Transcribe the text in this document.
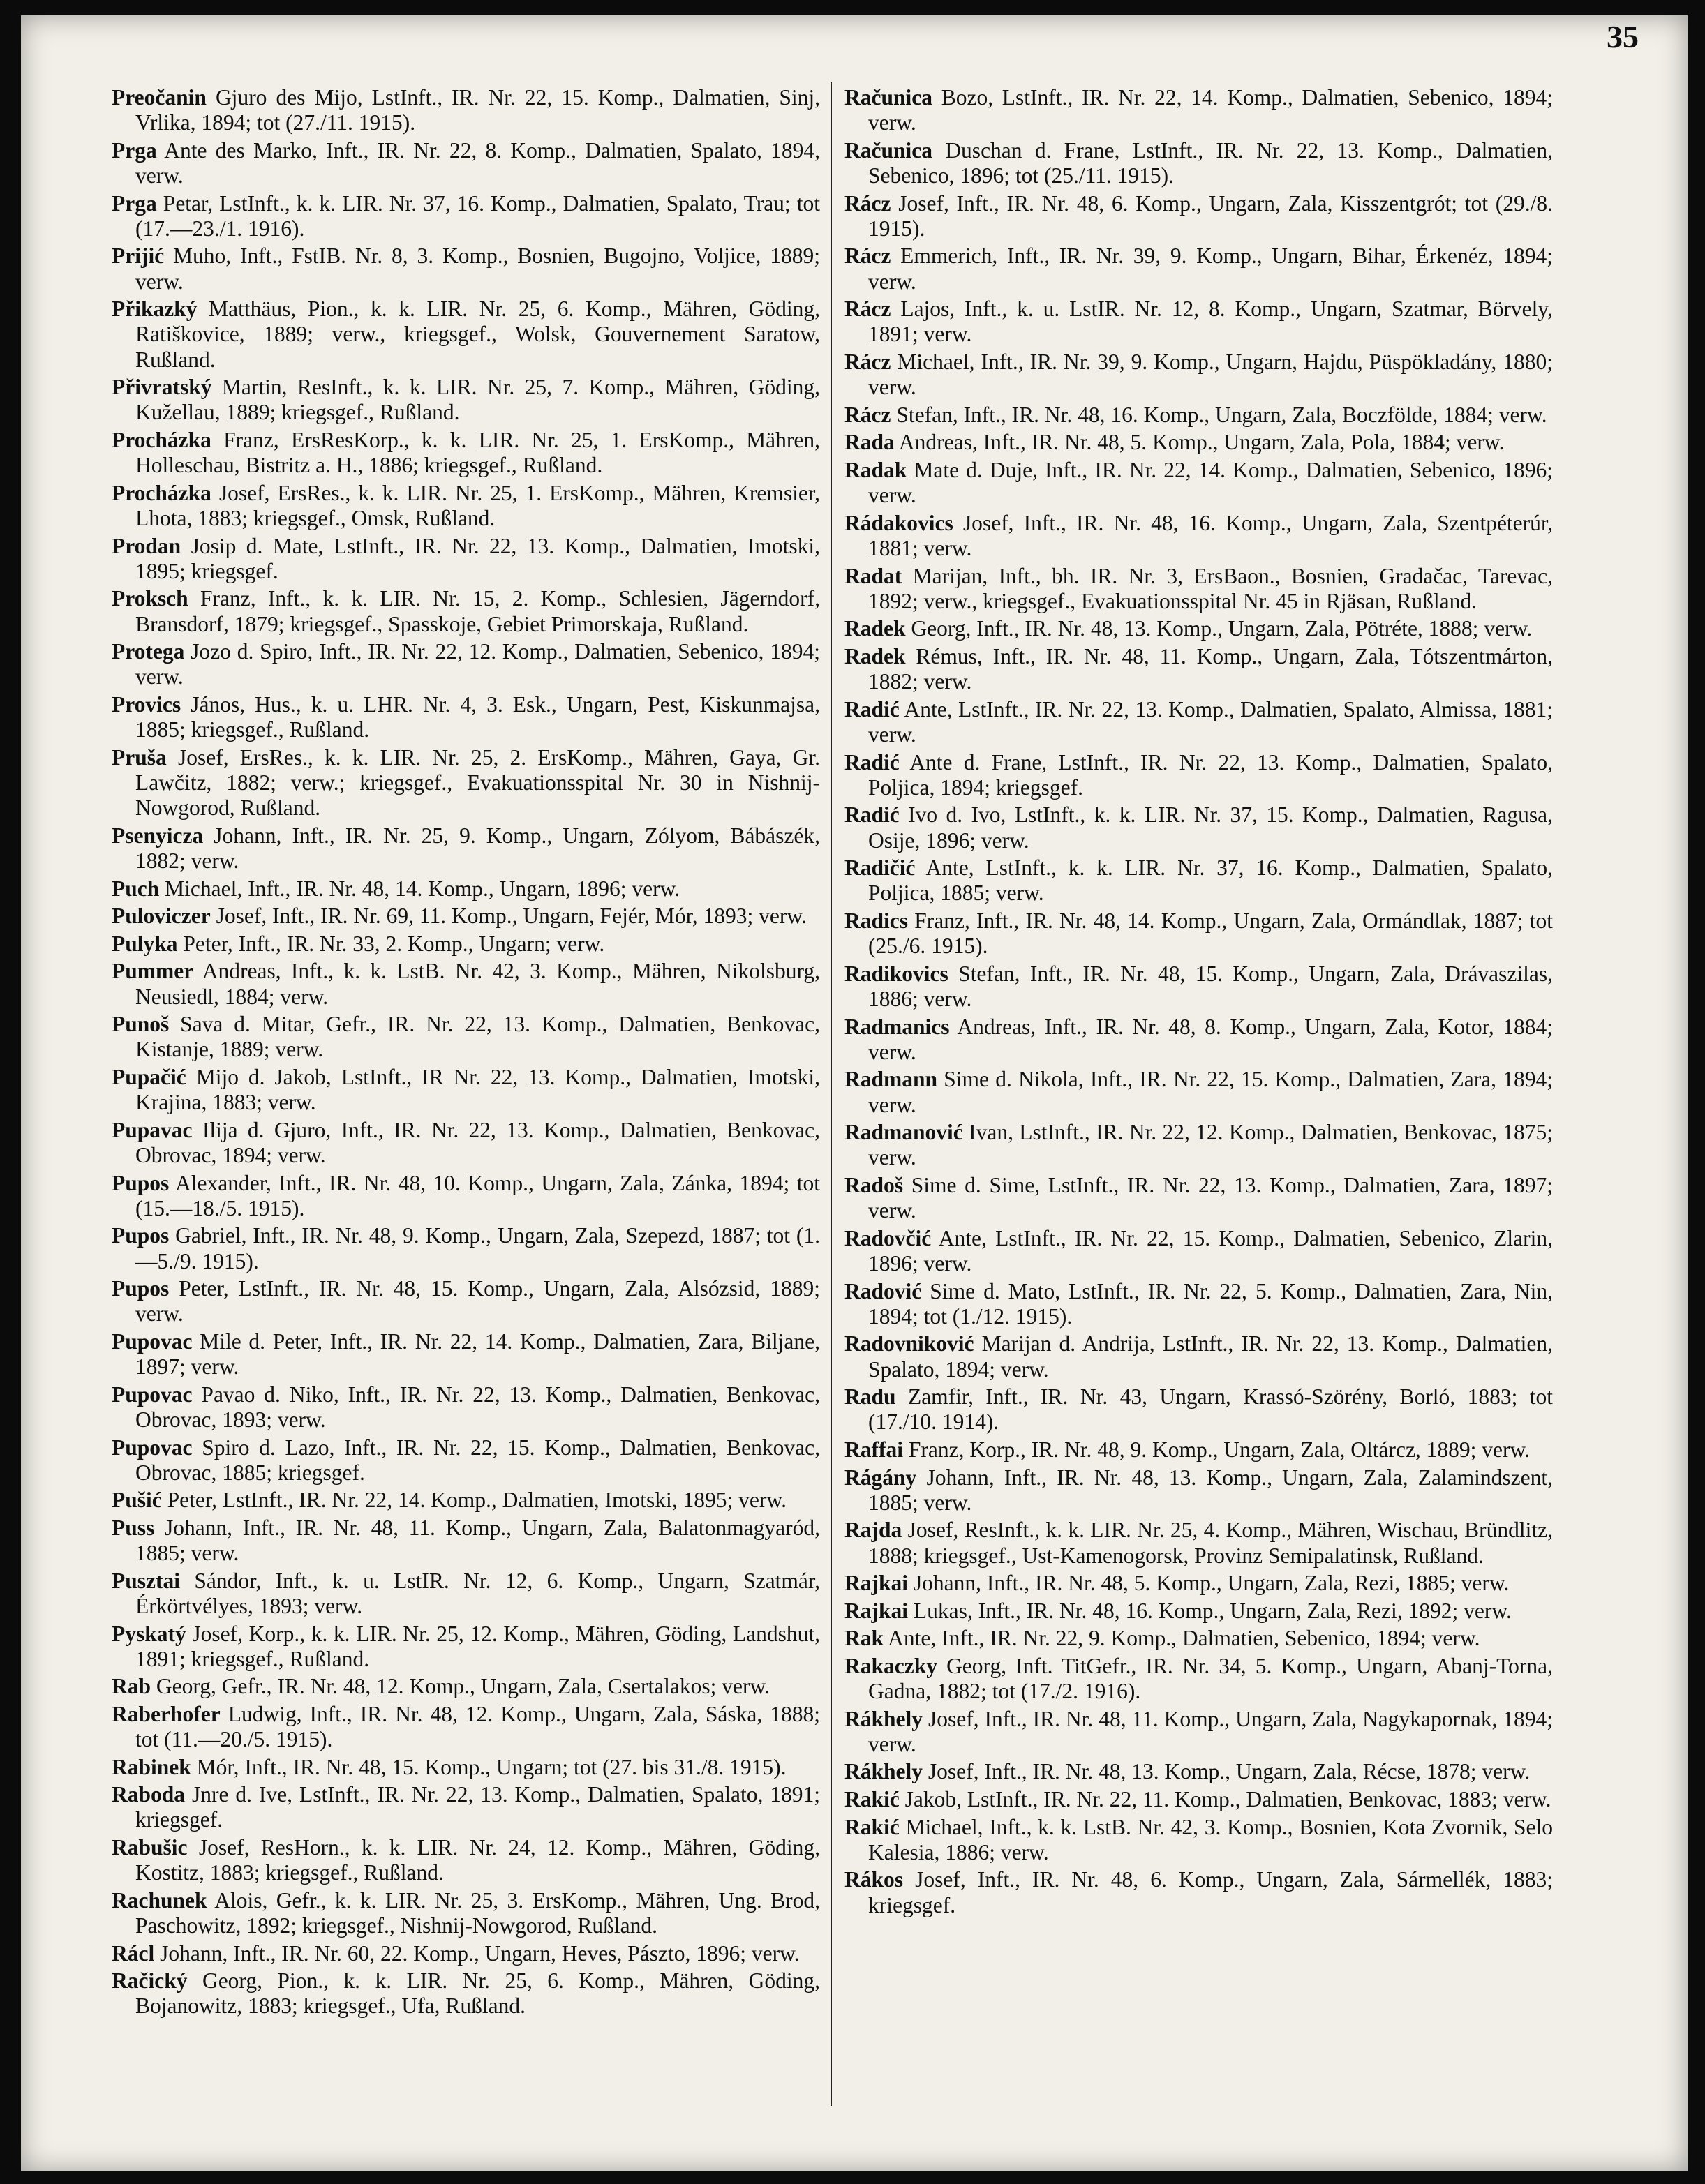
35
Preočanin Gjuro des Mijo, LstInft., IR. Nr. 22, 15. Komp., Dalmatien, Sinj, Vrlika, 1894; tot (27./11. 1915).
Prga Ante des Marko, Inft., IR. Nr. 22, 8. Komp., Dalmatien, Spalato, 1894, verw.
Prga Petar, LstInft., k. k. LIR. Nr. 37, 16. Komp., Dalmatien, Spalato, Trau; tot (17.—23./1. 1916).
Prijić Muho, Inft., FstIB. Nr. 8, 3. Komp., Bosnien, Bugojno, Voljice, 1889; verw.
Přikazký Matthäus, Pion., k. k. LIR. Nr. 25, 6. Komp., Mähren, Göding, Ratiškovice, 1889; verw., kriegsgef., Wolsk, Gouvernement Saratow, Rußland.
Přivratský Martin, ResInft., k. k. LIR. Nr. 25, 7. Komp., Mähren, Göding, Kužellau, 1889; kriegsgef., Rußland.
Procházka Franz, ErsResKorp., k. k. LIR. Nr. 25, 1. ErsKomp., Mähren, Holleschau, Bistritz a. H., 1886; kriegsgef., Rußland.
Procházka Josef, ErsRes., k. k. LIR. Nr. 25, 1. ErsKomp., Mähren, Kremsier, Lhota, 1883; kriegsgef., Omsk, Rußland.
Prodan Josip d. Mate, LstInft., IR. Nr. 22, 13. Komp., Dalmatien, Imotski, 1895; kriegsgef.
Proksch Franz, Inft., k. k. LIR. Nr. 15, 2. Komp., Schlesien, Jägerndorf, Bransdorf, 1879; kriegsgef., Spasskoje, Gebiet Primorskaja, Rußland.
Protega Jozo d. Spiro, Inft., IR. Nr. 22, 12. Komp., Dalmatien, Sebenico, 1894; verw.
Provics János, Hus., k. u. LHR. Nr. 4, 3. Esk., Ungarn, Pest, Kiskunmajsa, 1885; kriegsgef., Rußland.
Pruša Josef, ErsRes., k. k. LIR. Nr. 25, 2. ErsKomp., Mähren, Gaya, Gr. Lawčitz, 1882; verw.; kriegsgef., Evakuationsspital Nr. 30 in Nishnij-Nowgorod, Rußland.
Psenyicza Johann, Inft., IR. Nr. 25, 9. Komp., Ungarn, Zólyom, Bábászék, 1882; verw.
Puch Michael, Inft., IR. Nr. 48, 14. Komp., Ungarn, 1896; verw.
Puloviczer Josef, Inft., IR. Nr. 69, 11. Komp., Ungarn, Fejér, Mór, 1893; verw.
Pulyka Peter, Inft., IR. Nr. 33, 2. Komp., Ungarn; verw.
Pummer Andreas, Inft., k. k. LstB. Nr. 42, 3. Komp., Mähren, Nikolsburg, Neusiedl, 1884; verw.
Punoš Sava d. Mitar, Gefr., IR. Nr. 22, 13. Komp., Dalmatien, Benkovac, Kistanje, 1889; verw.
Pupačić Mijo d. Jakob, LstInft., IR Nr. 22, 13. Komp., Dalmatien, Imotski, Krajina, 1883; verw.
Pupavac Ilija d. Gjuro, Inft., IR. Nr. 22, 13. Komp., Dalmatien, Benkovac, Obrovac, 1894; verw.
Pupos Alexander, Inft., IR. Nr. 48, 10. Komp., Ungarn, Zala, Zánka, 1894; tot (15.—18./5. 1915).
Pupos Gabriel, Inft., IR. Nr. 48, 9. Komp., Ungarn, Zala, Szepezd, 1887; tot (1.—5./9. 1915).
Pupos Peter, LstInft., IR. Nr. 48, 15. Komp., Ungarn, Zala, Alsózsid, 1889; verw.
Pupovac Mile d. Peter, Inft., IR. Nr. 22, 14. Komp., Dalmatien, Zara, Biljane, 1897; verw.
Pupovac Pavao d. Niko, Inft., IR. Nr. 22, 13. Komp., Dalmatien, Benkovac, Obrovac, 1893; verw.
Pupovac Spiro d. Lazo, Inft., IR. Nr. 22, 15. Komp., Dalmatien, Benkovac, Obrovac, 1885; kriegsgef.
Pušić Peter, LstInft., IR. Nr. 22, 14. Komp., Dalmatien, Imotski, 1895; verw.
Puss Johann, Inft., IR. Nr. 48, 11. Komp., Ungarn, Zala, Balatonmagyaród, 1885; verw.
Pusztai Sándor, Inft., k. u. LstIR. Nr. 12, 6. Komp., Ungarn, Szatmár, Érkörtvélyes, 1893; verw.
Pyskatý Josef, Korp., k. k. LIR. Nr. 25, 12. Komp., Mähren, Göding, Landshut, 1891; kriegsgef., Rußland.
Rab Georg, Gefr., IR. Nr. 48, 12. Komp., Ungarn, Zala, Csertalakos; verw.
Raberhofer Ludwig, Inft., IR. Nr. 48, 12. Komp., Ungarn, Zala, Sáska, 1888; tot (11.—20./5. 1915).
Rabinek Mór, Inft., IR. Nr. 48, 15. Komp., Ungarn; tot (27. bis 31./8. 1915).
Raboda Jnre d. Ive, LstInft., IR. Nr. 22, 13. Komp., Dalmatien, Spalato, 1891; kriegsgef.
Rabušic Josef, ResHorn., k. k. LIR. Nr. 24, 12. Komp., Mähren, Göding, Kostitz, 1883; kriegsgef., Rußland.
Rachunek Alois, Gefr., k. k. LIR. Nr. 25, 3. ErsKomp., Mähren, Ung. Brod, Paschowitz, 1892; kriegsgef., Nishnij-Nowgorod, Rußland.
Rácl Johann, Inft., IR. Nr. 60, 22. Komp., Ungarn, Heves, Pászto, 1896; verw.
Račický Georg, Pion., k. k. LIR. Nr. 25, 6. Komp., Mähren, Göding, Bojanowitz, 1883; kriegsgef., Ufa, Rußland.
Računica Bozo, LstInft., IR. Nr. 22, 14. Komp., Dalmatien, Sebenico, 1894; verw.
Računica Duschan d. Frane, LstInft., IR. Nr. 22, 13. Komp., Dalmatien, Sebenico, 1896; tot (25./11. 1915).
Rácz Josef, Inft., IR. Nr. 48, 6. Komp., Ungarn, Zala, Kisszentgrót; tot (29./8. 1915).
Rácz Emmerich, Inft., IR. Nr. 39, 9. Komp., Ungarn, Bihar, Érkenéz, 1894; verw.
Rácz Lajos, Inft., k. u. LstIR. Nr. 12, 8. Komp., Ungarn, Szatmar, Börvely, 1891; verw.
Rácz Michael, Inft., IR. Nr. 39, 9. Komp., Ungarn, Hajdu, Püspökladány, 1880; verw.
Rácz Stefan, Inft., IR. Nr. 48, 16. Komp., Ungarn, Zala, Boczfölde, 1884; verw.
Rada Andreas, Inft., IR. Nr. 48, 5. Komp., Ungarn, Zala, Pola, 1884; verw.
Radak Mate d. Duje, Inft., IR. Nr. 22, 14. Komp., Dalmatien, Sebenico, 1896; verw.
Rádakovics Josef, Inft., IR. Nr. 48, 16. Komp., Ungarn, Zala, Szentpéterúr, 1881; verw.
Radat Marijan, Inft., bh. IR. Nr. 3, ErsBaon., Bosnien, Gradačac, Tarevac, 1892; verw., kriegsgef., Evakuationsspital Nr. 45 in Rjäsan, Rußland.
Radek Georg, Inft., IR. Nr. 48, 13. Komp., Ungarn, Zala, Pötréte, 1888; verw.
Radek Rémus, Inft., IR. Nr. 48, 11. Komp., Ungarn, Zala, Tótszentmárton, 1882; verw.
Radić Ante, LstInft., IR. Nr. 22, 13. Komp., Dalmatien, Spalato, Almissa, 1881; verw.
Radić Ante d. Frane, LstInft., IR. Nr. 22, 13. Komp., Dalmatien, Spalato, Poljica, 1894; kriegsgef.
Radić Ivo d. Ivo, LstInft., k. k. LIR. Nr. 37, 15. Komp., Dalmatien, Ragusa, Osije, 1896; verw.
Radičić Ante, LstInft., k. k. LIR. Nr. 37, 16. Komp., Dalmatien, Spalato, Poljica, 1885; verw.
Radics Franz, Inft., IR. Nr. 48, 14. Komp., Ungarn, Zala, Ormándlak, 1887; tot (25./6. 1915).
Radikovics Stefan, Inft., IR. Nr. 48, 15. Komp., Ungarn, Zala, Drávaszilas, 1886; verw.
Radmanics Andreas, Inft., IR. Nr. 48, 8. Komp., Ungarn, Zala, Kotor, 1884; verw.
Radmann Sime d. Nikola, Inft., IR. Nr. 22, 15. Komp., Dalmatien, Zara, 1894; verw.
Radmanović Ivan, LstInft., IR. Nr. 22, 12. Komp., Dalmatien, Benkovac, 1875; verw.
Radoš Sime d. Sime, LstInft., IR. Nr. 22, 13. Komp., Dalmatien, Zara, 1897; verw.
Radovčić Ante, LstInft., IR. Nr. 22, 15. Komp., Dalmatien, Sebenico, Zlarin, 1896; verw.
Radović Sime d. Mato, LstInft., IR. Nr. 22, 5. Komp., Dalmatien, Zara, Nin, 1894; tot (1./12. 1915).
Radovniković Marijan d. Andrija, LstInft., IR. Nr. 22, 13. Komp., Dalmatien, Spalato, 1894; verw.
Radu Zamfir, Inft., IR. Nr. 43, Ungarn, Krassó-Szörény, Borló, 1883; tot (17./10. 1914).
Raffai Franz, Korp., IR. Nr. 48, 9. Komp., Ungarn, Zala, Oltárcz, 1889; verw.
Rágány Johann, Inft., IR. Nr. 48, 13. Komp., Ungarn, Zala, Zalamindszent, 1885; verw.
Rajda Josef, ResInft., k. k. LIR. Nr. 25, 4. Komp., Mähren, Wischau, Bründlitz, 1888; kriegsgef., Ust-Kamenogorsk, Provinz Semipalatinsk, Rußland.
Rajkai Johann, Inft., IR. Nr. 48, 5. Komp., Ungarn, Zala, Rezi, 1885; verw.
Rajkai Lukas, Inft., IR. Nr. 48, 16. Komp., Ungarn, Zala, Rezi, 1892; verw.
Rak Ante, Inft., IR. Nr. 22, 9. Komp., Dalmatien, Sebenico, 1894; verw.
Rakaczky Georg, Inft. TitGefr., IR. Nr. 34, 5. Komp., Ungarn, Abanj-Torna, Gadna, 1882; tot (17./2. 1916).
Rákhely Josef, Inft., IR. Nr. 48, 11. Komp., Ungarn, Zala, Nagykapornak, 1894; verw.
Rákhely Josef, Inft., IR. Nr. 48, 13. Komp., Ungarn, Zala, Récse, 1878; verw.
Rakić Jakob, LstInft., IR. Nr. 22, 11. Komp., Dalmatien, Benkovac, 1883; verw.
Rakić Michael, Inft., k. k. LstB. Nr. 42, 3. Komp., Bosnien, Kota Zvornik, Selo Kalesia, 1886; verw.
Rákos Josef, Inft., IR. Nr. 48, 6. Komp., Ungarn, Zala, Sármellék, 1883; kriegsgef.
